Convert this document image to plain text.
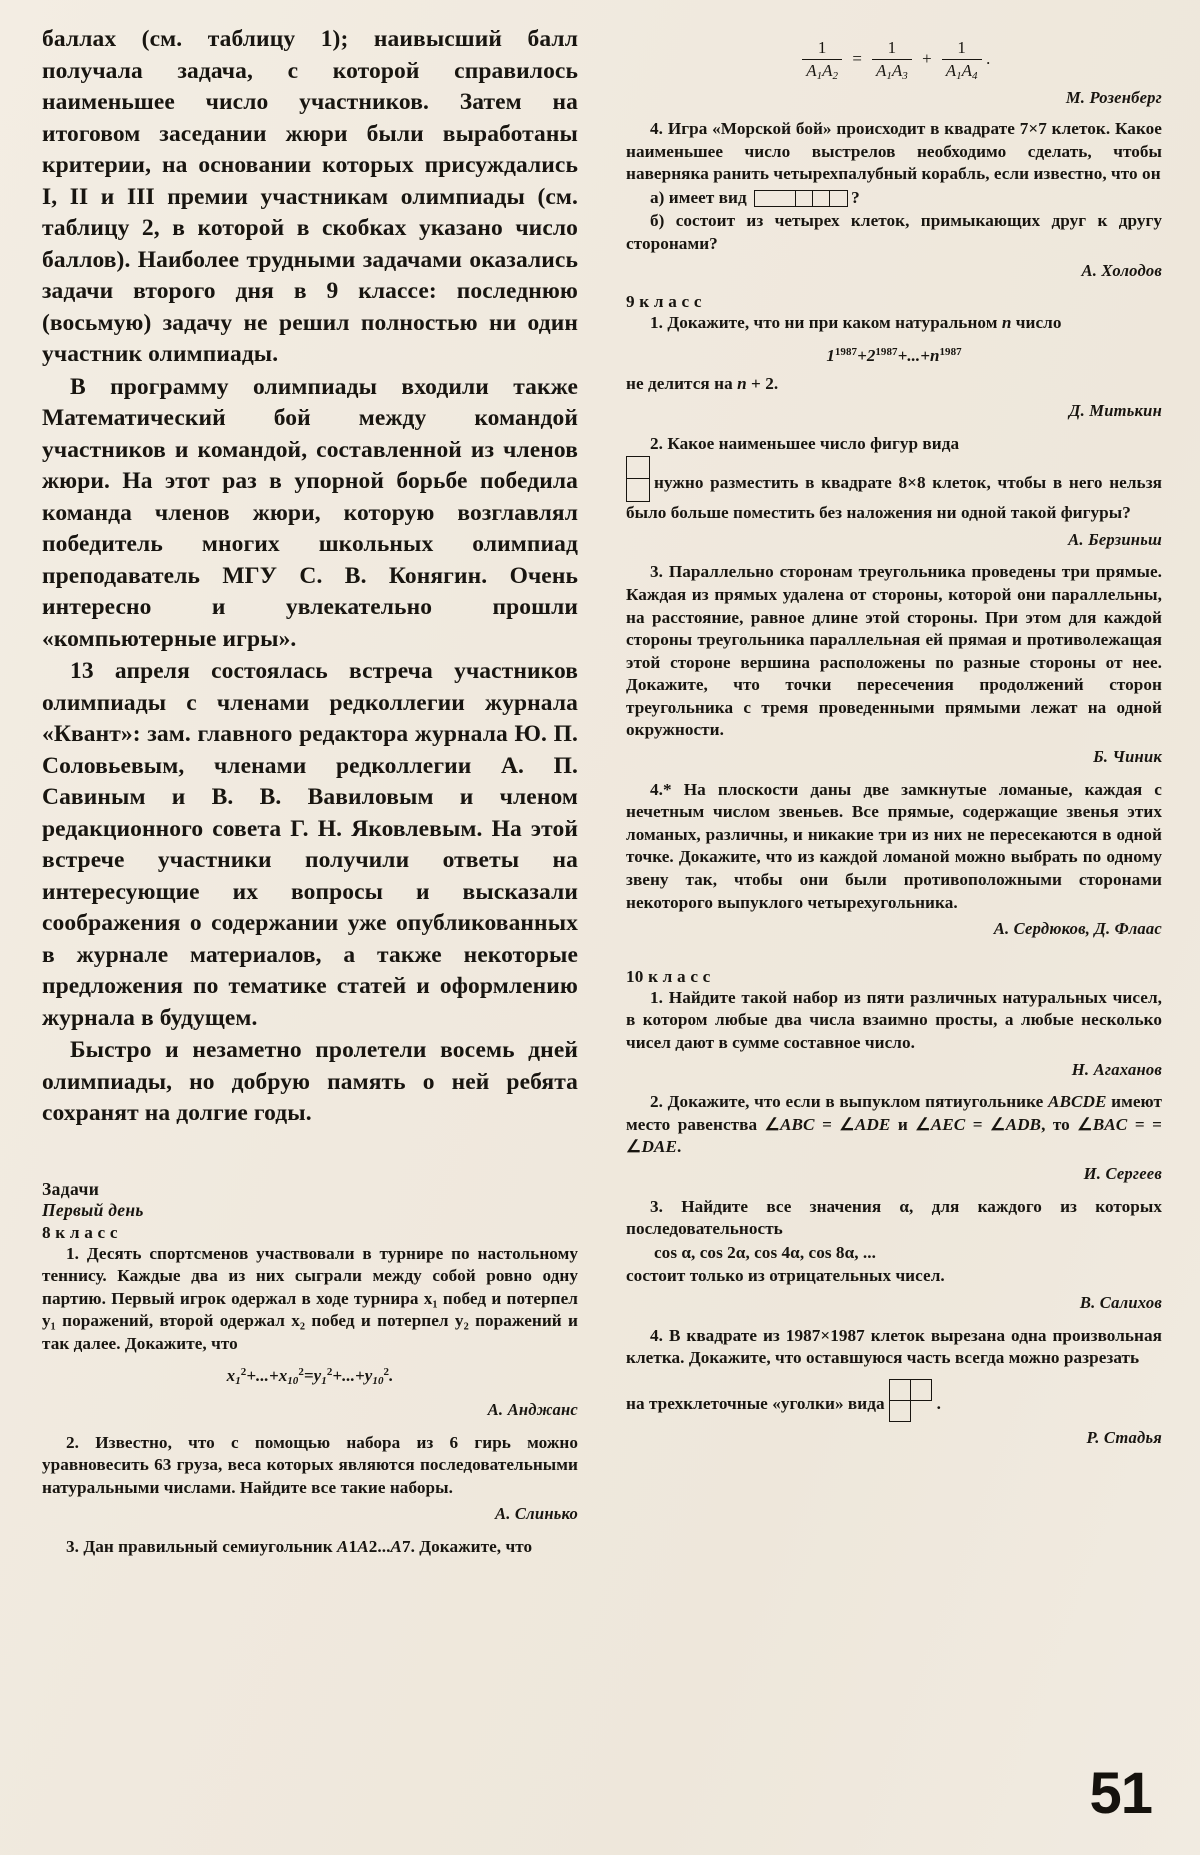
баллах (см. таблицу 1); наивысший балл получала задача, с которой справилось наименьшее число участников. Затем на итоговом заседании жюри были выработаны критерии, на основании которых присуждались I, II и III премии участникам олимпиады (см. таблицу 2, в которой в скобках указано число баллов). Наиболее трудными задачами оказались задачи второго дня в 9 классе: последнюю (восьмую) задачу не решил полностью ни один участник олимпиады.

В программу олимпиады входили также Математический бой между командой участников и командой, составленной из членов жюри. На этот раз в упорной борьбе победила команда членов жюри, которую возглавлял победитель многих школьных олимпиад преподаватель МГУ С. В. Конягин. Очень интересно и увлекательно прошли «компьютерные игры».

13 апреля состоялась встреча участников олимпиады с членами редколлегии журнала «Квант»: зам. главного редактора журнала Ю. П. Соловьевым, членами редколлегии А. П. Савиным и В. В. Вавиловым и членом редакционного совета Г. Н. Яковлевым. На этой встрече участники получили ответы на интересующие их вопросы и высказали соображения о содержании уже опубликованных в журнале материалов, а также некоторые предложения по тематике статей и оформлению журнала в будущем.

Быстро и незаметно пролетели восемь дней олимпиады, но добрую память о ней ребята сохранят на долгие годы.

Задачи
Первый день
8 к л а с с

1. Десять спортсменов участвовали в турнире по настольному теннису. Каждые два из них сыграли между собой ровно одну партию. Первый игрок одержал в ходе турнира x₁ побед и потерпел y₁ поражений, второй одержал x₂ побед и потерпел y₂ поражений и так далее. Докажите, что

$x_1^2+...+x_{10}^2=y_1^2+...+y_{10}^2$.
А. Анджанс

2. Известно, что с помощью набора из 6 гирь можно уравновесить 63 груза, веса которых являются последовательными натуральными числами. Найдите все такие наборы.

А. Слинько

3. Дан правильный семиугольник A1A2...A7. Докажите, что

$\frac{1}{A_1A_2} = \frac{1}{A_1A_3} + \frac{1}{A_1A_4}$ .
М. Розенберг

4. Игра «Морской бой» происходит в квадрате 7×7 клеток. Какое наименьшее число выстрелов необходимо сделать, чтобы наверняка ранить четырехпалубный корабль, если известно, что он

а) имеет вид	?

б) состоит из четырех клеток, примыкающих друг к другу сторонами?

А. Холодов
9 к л а с с

1. Докажите, что ни при каком натуральном n число

$1^{1987}+2^{1987}+...+n^{1987}$

не делится на n + 2.

Д. Митькин

2. Какое наименьшее число фигур вида

нужно разместить в квадрате 8×8 клеток, чтобы в него нельзя было больше поместить без наложения ни одной такой фигуры?

А. Берзиньш

3. Параллельно сторонам треугольника проведены три прямые. Каждая из прямых удалена от стороны, которой они параллельны, на расстояние, равное длине этой стороны. При этом для каждой стороны треугольника параллельная ей прямая и противолежащая этой стороне вершина расположены по разные стороны от нее. Докажите, что точки пересечения продолжений сторон треугольника с тремя проведенными прямыми лежат на одной окружности.

Б. Чиник

4.* На плоскости даны две замкнутые ломаные, каждая с нечетным числом звеньев. Все прямые, содержащие звенья этих ломаных, различны, и никакие три из них не пересекаются в одной точке. Докажите, что из каждой ломаной можно выбрать по одному звену так, чтобы они были противоположными сторонами некоторого выпуклого четырехугольника.

А. Сердюков, Д. Флаас
10 к л а с с

1. Найдите такой набор из пяти различных натуральных чисел, в котором любые два числа взаимно просты, а любые несколько чисел дают в сумме составное число.

Н. Агаханов

2. Докажите, что если в выпуклом пятиугольнике ABCDE имеют место равенства ∠ABC = ∠ADE и ∠AEC = ∠ADB, то ∠BAC = = ∠DAE.

И. Сергеев

3. Найдите все значения α, для каждого из которых последовательность

cos α, cos 2α, cos 4α, cos 8α, ...

состоит только из отрицательных чисел.

В. Салихов

4. В квадрате из 1987×1987 клеток вырезана одна произвольная клетка. Докажите, что оставшуюся часть всегда можно разрезать

на трехклеточные «уголки» вида	.

Р. Стадья
51
